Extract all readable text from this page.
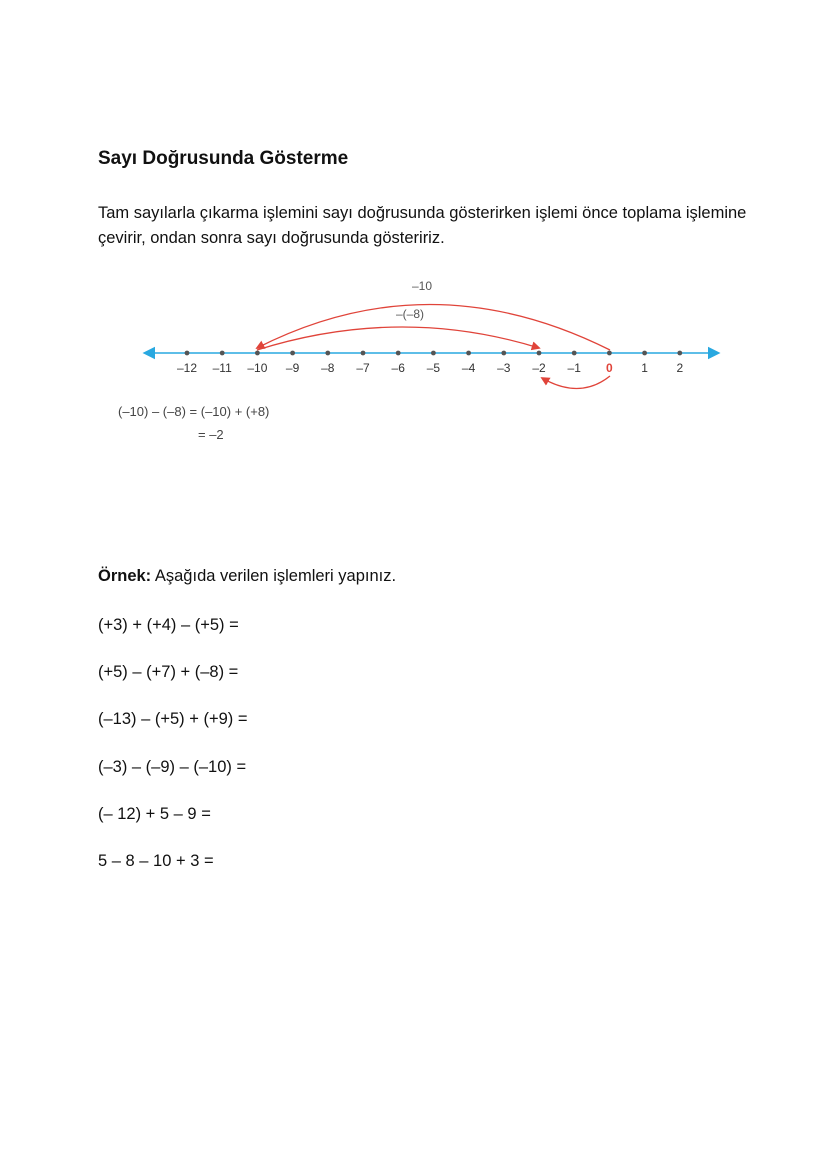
Sayı Doğrusunda Gösterme

Tam sayılarla çıkarma işlemini sayı doğrusunda gösterirken işlemi önce toplama işlemine çevirir, ondan sonra sayı doğrusunda gösteririz.

–12 –11 –10 –9 –8 –7 –6 –5 –4 –3 –2 –1 0 1 2
–10
–(–8)
(–10) – (–8) = (–10) + (+8)
= –2

Örnek: Aşağıda verilen işlemleri yapınız.

(+3) + (+4) – (+5) =
(+5) – (+7) + (–8) =
(–13) – (+5) + (+9) =
(–3) – (–9) – (–10) =
(– 12) + 5 – 9 =
5 – 8 – 10 + 3 =
